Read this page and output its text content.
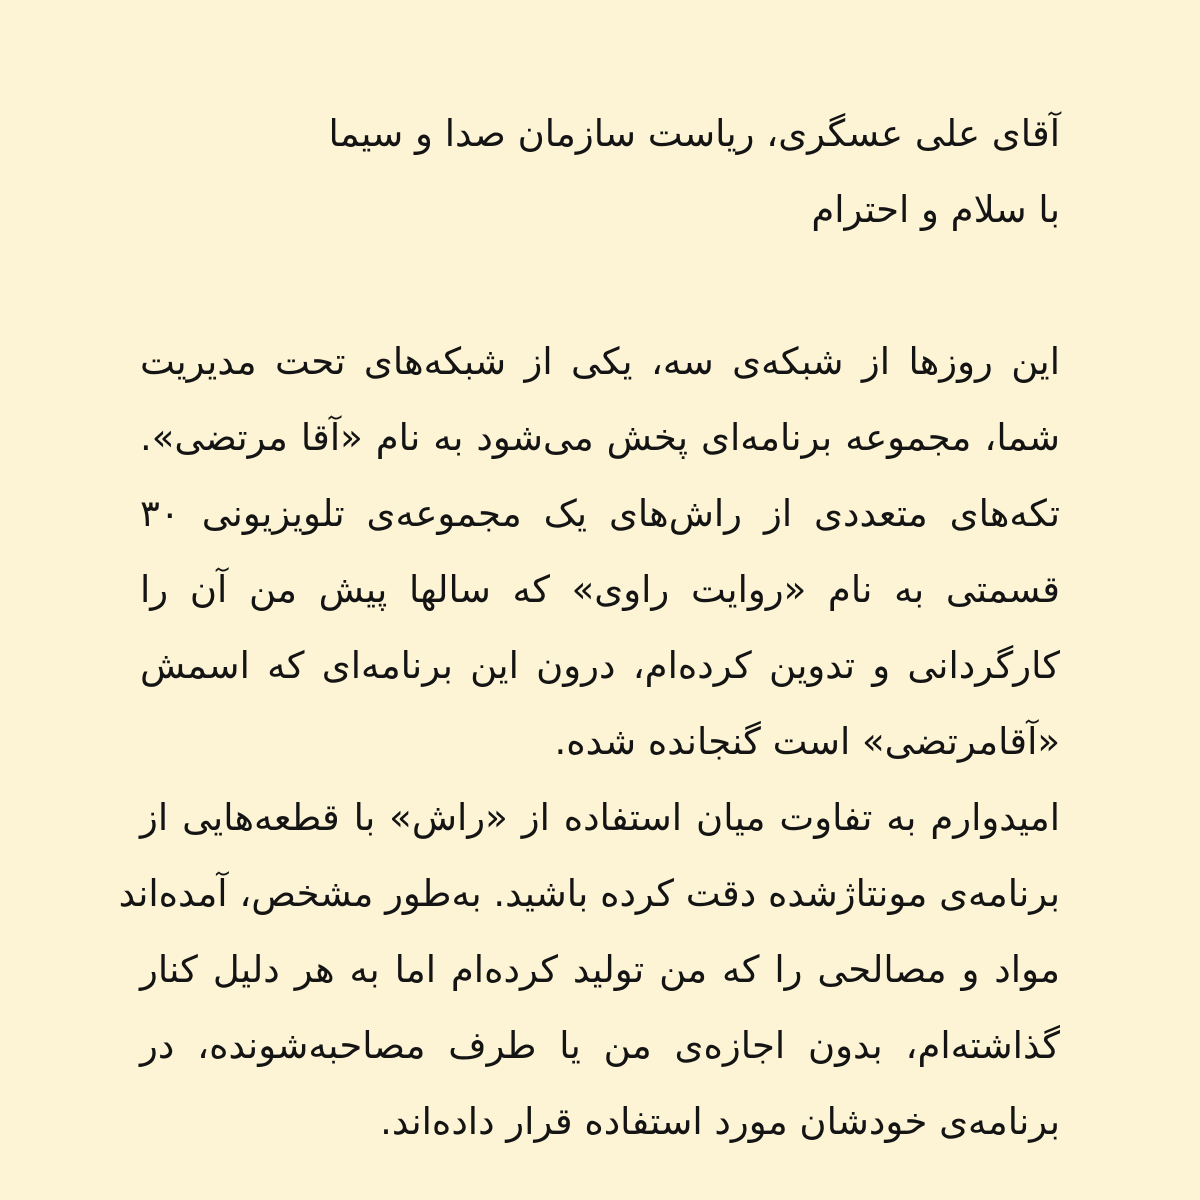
آقای علی عسگری، ریاست سازمان صدا و سیما
با سلام و احترام
این روزها از شبکه‌ی سه، یکی از شبکه‌های تحت مدیریت
شما، مجموعه برنامه‌ای پخش می‌شود به نام «آقا مرتضی».
تکه‌های متعددی از راش‌های یک مجموعه‌ی تلویزیونی ۳۰
قسمتی به نام «روایت راوی» که سالها پیش من آن را
کارگردانی و تدوین کرده‌ام، درون این برنامه‌ای که اسمش
«آقامرتضی» است گنجانده شده.
امیدوارم به تفاوت میان استفاده از «راش» با قطعه‌هایی از
برنامه‌ی مونتاژشده دقت کرده باشید. به‌طور مشخص، آمده‌اند
مواد و مصالحی را که من تولید کرده‌ام اما به هر دلیل کنار
گذاشته‌ام، بدون اجازه‌ی من یا طرف مصاحبه‌شونده، در
برنامه‌ی خودشان مورد استفاده قرار داده‌اند.
